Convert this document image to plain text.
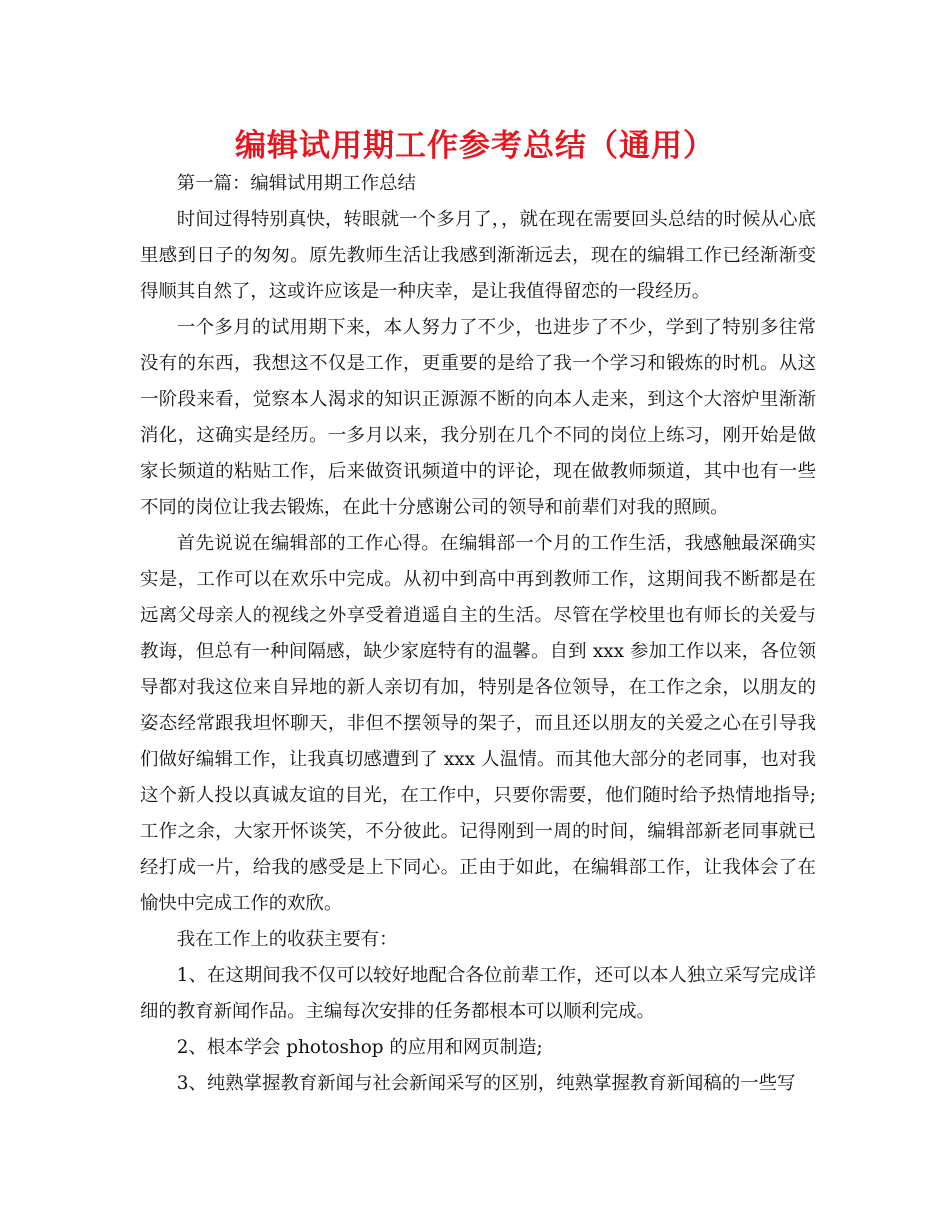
编辑试用期工作参考总结（通用）

第一篇：编辑试用期工作总结

时间过得特别真快，转眼就一个多月了，，就在现在需要回头总结的时候从心底里感到日子的匆匆。原先教师生活让我感到渐渐远去，现在的编辑工作已经渐渐变得顺其自然了，这或许应该是一种庆幸，是让我值得留恋的一段经历。

一个多月的试用期下来，本人努力了不少，也进步了不少，学到了特别多往常没有的东西，我想这不仅是工作，更重要的是给了我一个学习和锻炼的时机。从这一阶段来看，觉察本人渴求的知识正源源不断的向本人走来，到这个大溶炉里渐渐消化，这确实是经历。一多月以来，我分别在几个不同的岗位上练习，刚开始是做家长频道的粘贴工作，后来做资讯频道中的评论，现在做教师频道，其中也有一些不同的岗位让我去锻炼，在此十分感谢公司的领导和前辈们对我的照顾。

首先说说在编辑部的工作心得。在编辑部一个月的工作生活，我感触最深确实实是，工作可以在欢乐中完成。从初中到高中再到教师工作，这期间我不断都是在远离父母亲人的视线之外享受着逍遥自主的生活。尽管在学校里也有师长的关爱与教诲，但总有一种间隔感，缺少家庭特有的温馨。自到 xxx 参加工作以来，各位领导都对我这位来自异地的新人亲切有加，特别是各位领导，在工作之余，以朋友的姿态经常跟我坦怀聊天，非但不摆领导的架子，而且还以朋友的关爱之心在引导我们做好编辑工作，让我真切感遭到了 xxx 人温情。而其他大部分的老同事，也对我这个新人投以真诚友谊的目光，在工作中，只要你需要，他们随时给予热情地指导;工作之余，大家开怀谈笑，不分彼此。记得刚到一周的时间，编辑部新老同事就已经打成一片，给我的感受是上下同心。正由于如此，在编辑部工作，让我体会了在愉快中完成工作的欢欣。

我在工作上的收获主要有：

1、在这期间我不仅可以较好地配合各位前辈工作，还可以本人独立采写完成详细的教育新闻作品。主编每次安排的任务都根本可以顺利完成。

2、根本学会 photoshop 的应用和网页制造;

3、纯熟掌握教育新闻与社会新闻采写的区别，纯熟掌握教育新闻稿的一些写
